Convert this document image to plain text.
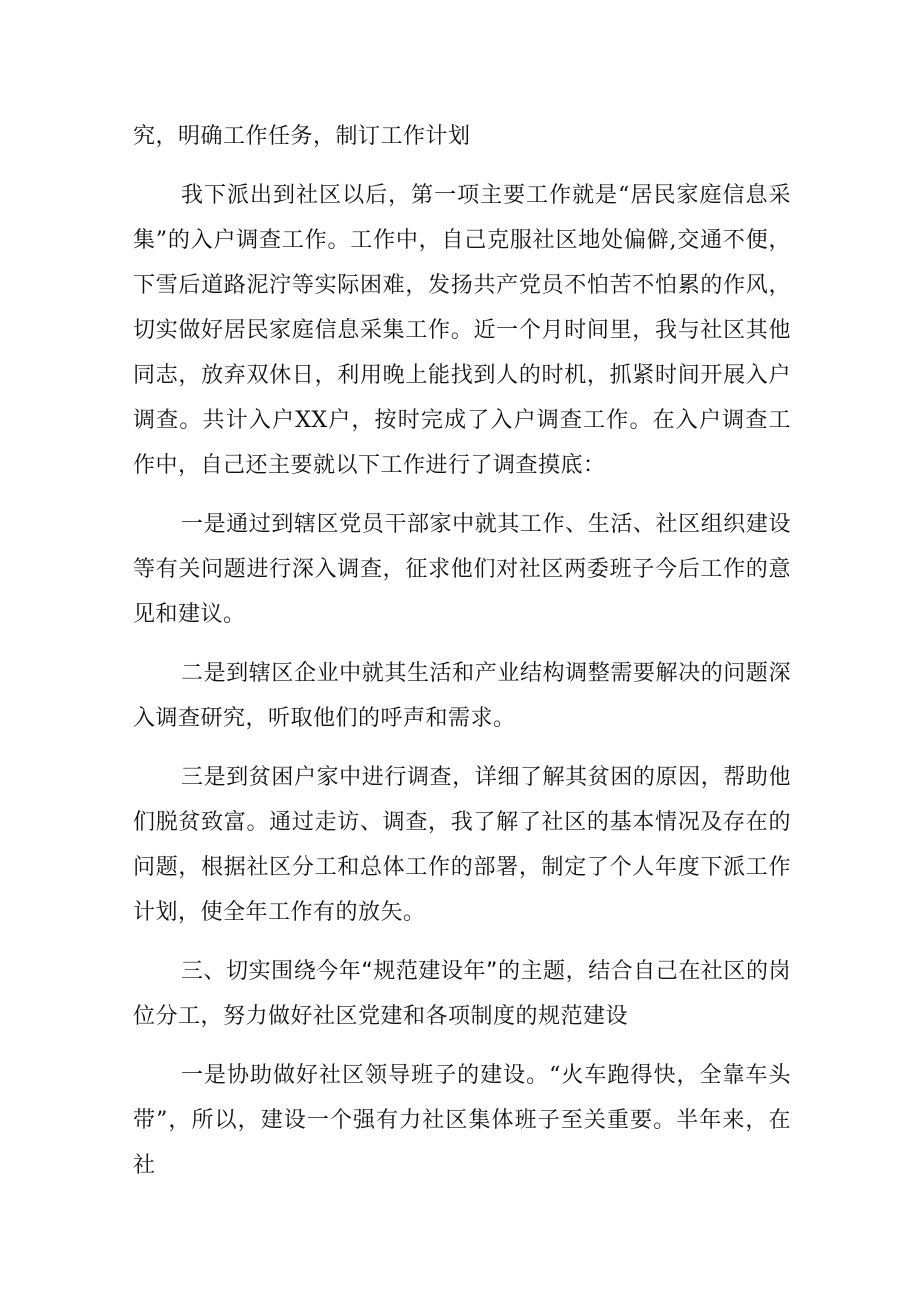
究，明确工作任务，制订工作计划

我下派出到社区以后，第一项主要工作就是“居民家庭信息采集”的入户调查工作。工作中，自己克服社区地处偏僻,交通不便，下雪后道路泥泞等实际困难，发扬共产党员不怕苦不怕累的作风，切实做好居民家庭信息采集工作。近一个月时间里，我与社区其他同志，放弃双休日，利用晚上能找到人的时机，抓紧时间开展入户调查。共计入户XX户，按时完成了入户调查工作。在入户调查工作中，自己还主要就以下工作进行了调查摸底：

一是通过到辖区党员干部家中就其工作、生活、社区组织建设等有关问题进行深入调查，征求他们对社区两委班子今后工作的意见和建议。

二是到辖区企业中就其生活和产业结构调整需要解决的问题深入调查研究，听取他们的呼声和需求。

三是到贫困户家中进行调查，详细了解其贫困的原因，帮助他们脱贫致富。通过走访、调查，我了解了社区的基本情况及存在的问题，根据社区分工和总体工作的部署，制定了个人年度下派工作计划，使全年工作有的放矢。

三、切实围绕今年“规范建设年”的主题，结合自己在社区的岗位分工，努力做好社区党建和各项制度的规范建设

一是协助做好社区领导班子的建设。“火车跑得快，全靠车头带”，所以，建设一个强有力社区集体班子至关重要。半年来，在社
